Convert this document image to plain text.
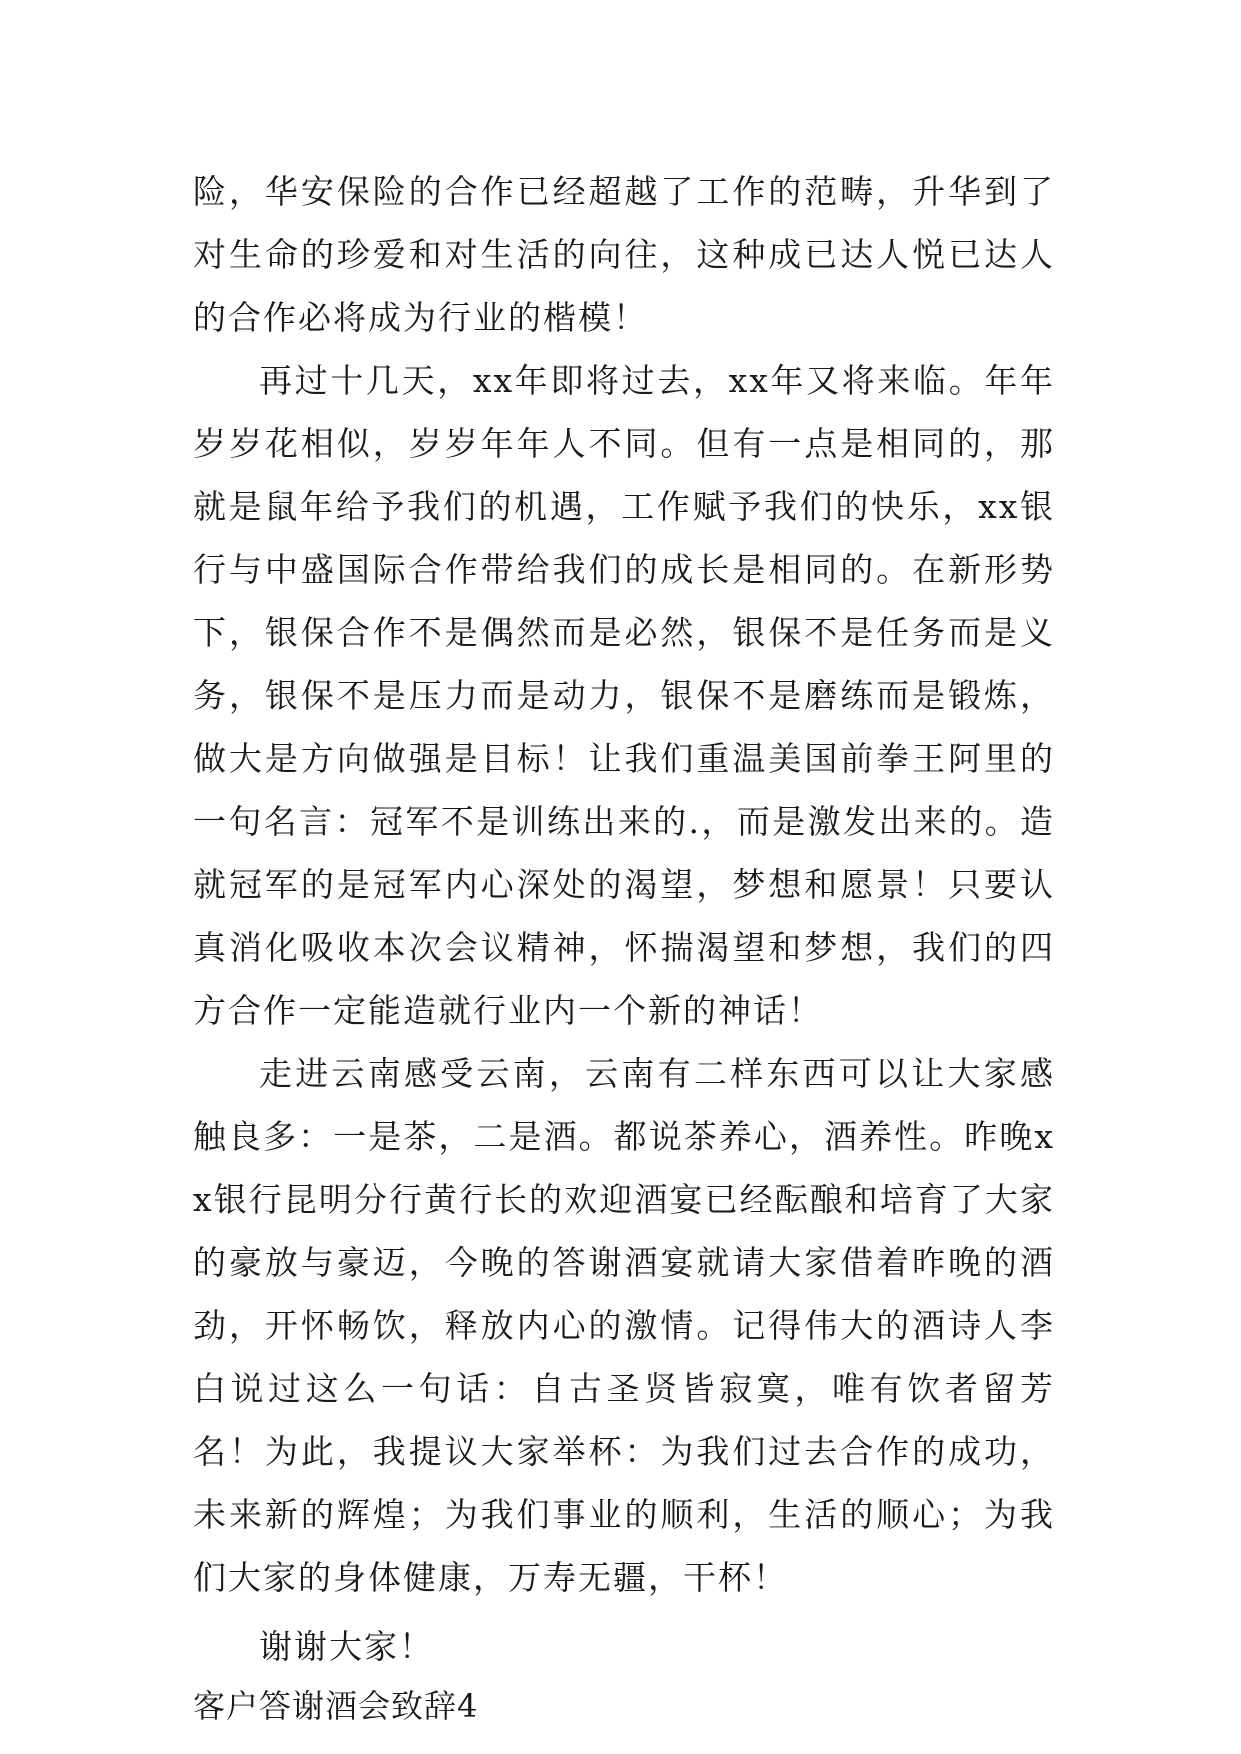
险，华安保险的合作已经超越了工作的范畴，升华到了对生命的珍爱和对生活的向往，这种成已达人悦已达人的合作必将成为行业的楷模！

再过十几天，xx年即将过去，xx年又将来临。年年岁岁花相似，岁岁年年人不同。但有一点是相同的，那就是鼠年给予我们的机遇，工作赋予我们的快乐，xx银行与中盛国际合作带给我们的成长是相同的。在新形势下，银保合作不是偶然而是必然，银保不是任务而是义务，银保不是压力而是动力，银保不是磨练而是锻炼，做大是方向做强是目标！让我们重温美国前拳王阿里的一句名言：冠军不是训练出来的.，而是激发出来的。造就冠军的是冠军内心深处的渴望，梦想和愿景！只要认真消化吸收本次会议精神，怀揣渴望和梦想，我们的四方合作一定能造就行业内一个新的神话！

走进云南感受云南，云南有二样东西可以让大家感触良多：一是茶，二是酒。都说茶养心，酒养性。昨晚xx银行昆明分行黄行长的欢迎酒宴已经酝酿和培育了大家的豪放与豪迈，今晚的答谢酒宴就请大家借着昨晚的酒劲，开怀畅饮，释放内心的激情。记得伟大的酒诗人李白说过这么一句话：自古圣贤皆寂寞，唯有饮者留芳名！为此，我提议大家举杯：为我们过去合作的成功，未来新的辉煌；为我们事业的顺利，生活的顺心；为我们大家的身体健康，万寿无疆，干杯！

谢谢大家！

客户答谢酒会致辞4
